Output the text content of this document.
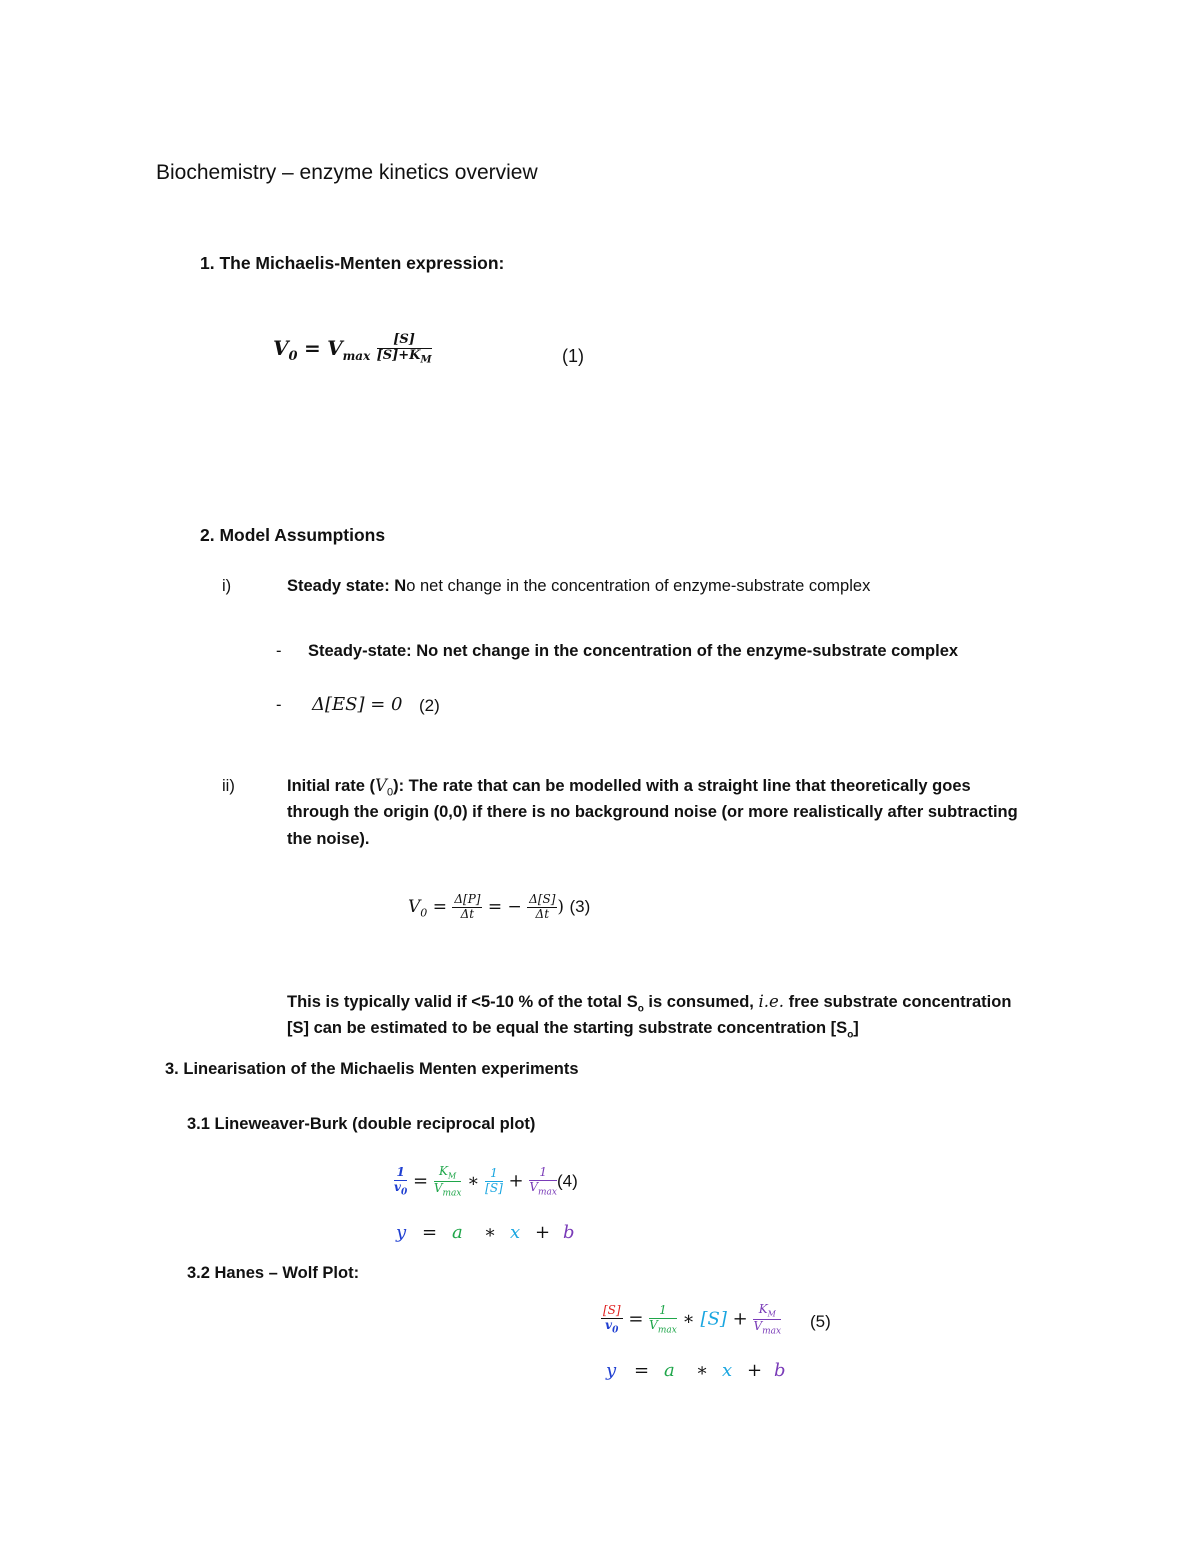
Biochemistry – enzyme kinetics overview
1. The Michaelis-Menten expression:
$V_0 = V_{max} \frac{[S]}{[S]+K_M}$	(1)
2. Model Assumptions
i)	Steady state: No net change in the concentration of enzyme-substrate complex
- Steady-state: No net change in the concentration of the enzyme-substrate complex
- Δ[ES] = 0 (2)
ii)	Initial rate $(V_0)$: The rate that can be modelled with a straight line that theoretically goes
through the origin (0,0) if there is no background noise (or more realistically after subtracting
the noise).
$V_0 = \frac{\Delta[P]}{\Delta t}$ = − $\frac{\Delta[S]}{\Delta t}$ ) (3)
This is typically valid if <5-10 % of the total $S_o$ is consumed, i.e. free substrate concentration
[S] can be estimated to be equal the starting substrate concentration $[S_o]$
3. Linearisation of the Michaelis Menten experiments
3.1 Lineweaver-Burk (double reciprocal plot)
$\frac{1}{v_0} = \frac{K_M}{V_{max}}$ ∗ $\frac{1}{[S]} + \frac{1}{V_{max}} (4)$
y = a ∗ x + b
3.2 Hanes – Wolf Plot:
$\frac{[S]}{v_0} = \frac{1}{V_{max}}$ ∗ $[S] + \frac{K_M}{V_{max}} (5)$
y = a ∗ x + b
